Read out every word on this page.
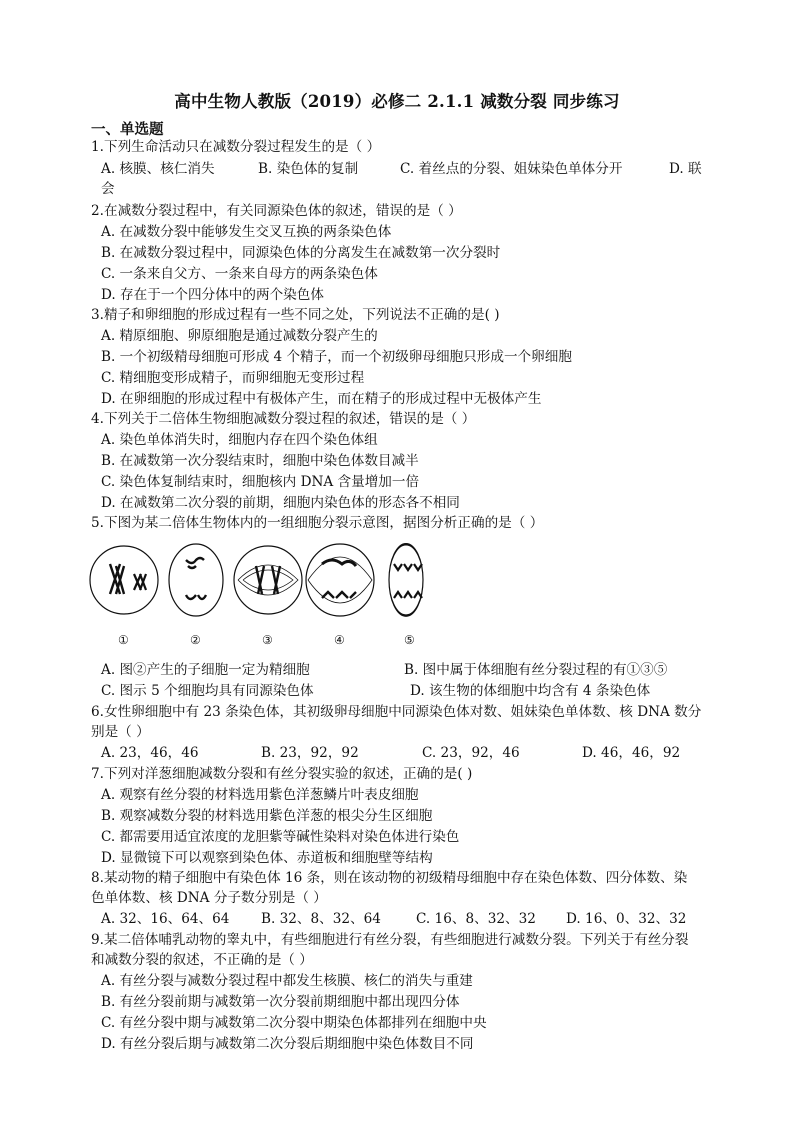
高中生物人教版（2019）必修二 2.1.1 减数分裂 同步练习
一、单选题
1.下列生命活动只在减数分裂过程发生的是（ ）
A. 核膜、核仁消失	B. 染色体的复制	C. 着丝点的分裂、姐妹染色单体分开	D. 联
会
2.在减数分裂过程中，有关同源染色体的叙述，错误的是（ ）
A. 在减数分裂中能够发生交叉互换的两条染色体
B. 在减数分裂过程中，同源染色体的分离发生在减数第一次分裂时
C. 一条来自父方、一条来自母方的两条染色体
D. 存在于一个四分体中的两个染色体
3.精子和卵细胞的形成过程有一些不同之处，下列说法不正确的是( )
A. 精原细胞、卵原细胞是通过减数分裂产生的
B. 一个初级精母细胞可形成 4 个精子，而一个初级卵母细胞只形成一个卵细胞
C. 精细胞变形成精子，而卵细胞无变形过程
D. 在卵细胞的形成过程中有极体产生，而在精子的形成过程中无极体产生
4.下列关于二倍体生物细胞减数分裂过程的叙述，错误的是（ ）
A. 染色单体消失时，细胞内存在四个染色体组
B. 在减数第一次分裂结束时，细胞中染色体数目减半
C. 染色体复制结束时，细胞核内 DNA 含量增加一倍
D. 在减数第二次分裂的前期，细胞内染色体的形态各不相同
5.下图为某二倍体生物体内的一组细胞分裂示意图，据图分析正确的是（ ）
①	②	③	④	⑤
A. 图②产生的子细胞一定为精细胞	B. 图中属于体细胞有丝分裂过程的有①③⑤
C. 图示 5 个细胞均具有同源染色体	D. 该生物的体细胞中均含有 4 条染色体
6.女性卵细胞中有 23 条染色体，其初级卵母细胞中同源染色体对数、姐妹染色单体数、核 DNA 数分
别是（ ）
A. 23，46，46	B. 23，92，92	C. 23，92，46	D. 46，46，92
7.下列对洋葱细胞减数分裂和有丝分裂实验的叙述，正确的是( )
A. 观察有丝分裂的材料选用紫色洋葱鳞片叶表皮细胞
B. 观察减数分裂的材料选用紫色洋葱的根尖分生区细胞
C. 都需要用适宜浓度的龙胆紫等碱性染料对染色体进行染色
D. 显微镜下可以观察到染色体、赤道板和细胞壁等结构
8.某动物的精子细胞中有染色体 16 条，则在该动物的初级精母细胞中存在染色体数、四分体数、染
色单体数、核 DNA 分子数分别是（ ）
A. 32、16、64、64 B. 32、8、32、64	C. 16、8、32、32 D. 16、0、32、32
9.某二倍体哺乳动物的睾丸中，有些细胞进行有丝分裂，有些细胞进行减数分裂。下列关于有丝分裂
和减数分裂的叙述，不正确的是（ ）
A. 有丝分裂与减数分裂过程中都发生核膜、核仁的消失与重建
B. 有丝分裂前期与减数第一次分裂前期细胞中都出现四分体
C. 有丝分裂中期与减数第二次分裂中期染色体都排列在细胞中央
D. 有丝分裂后期与减数第二次分裂后期细胞中染色体数目不同
